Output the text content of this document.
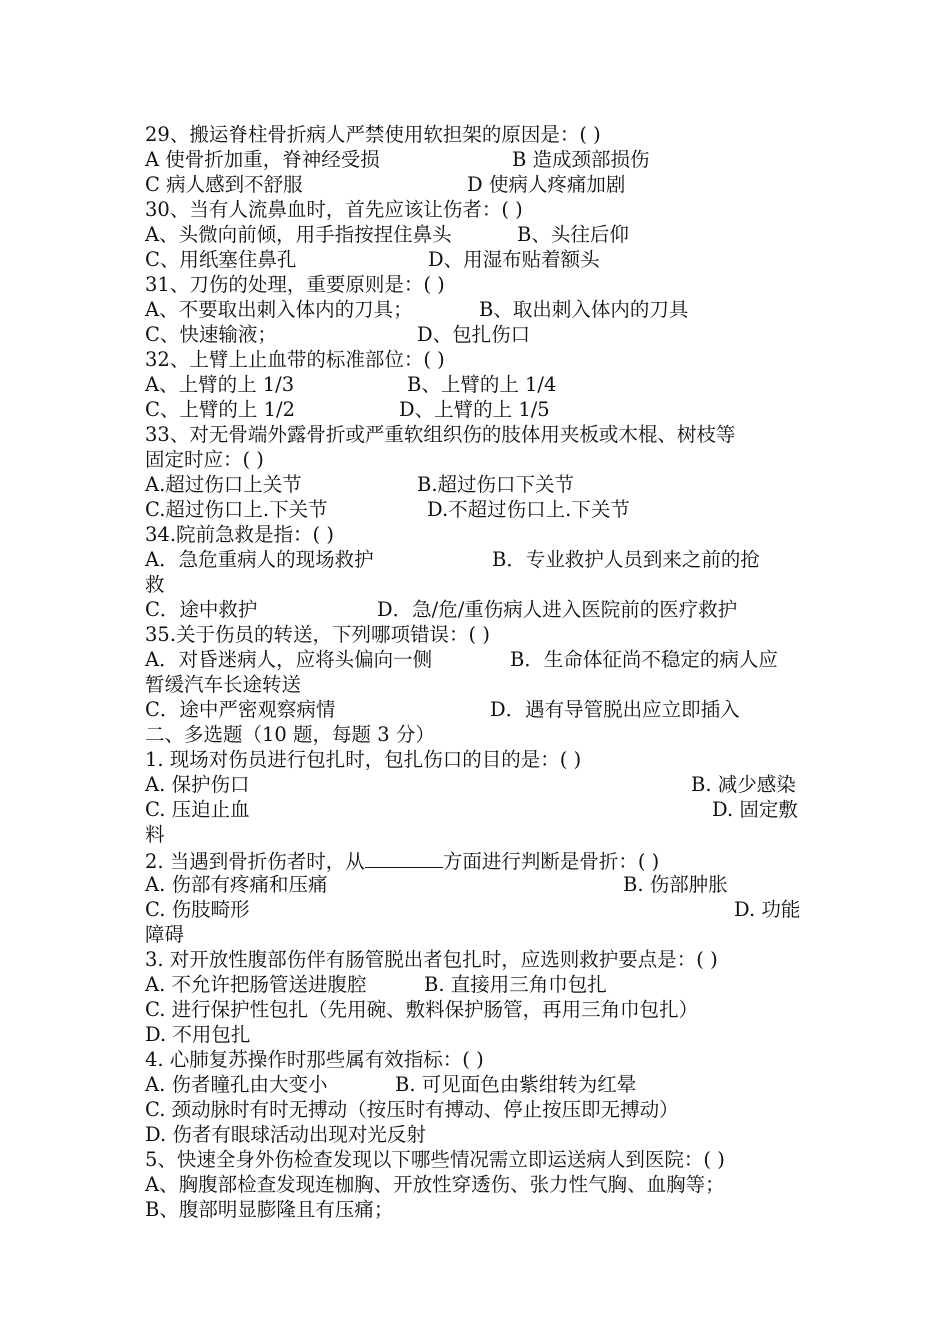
29、搬运脊柱骨折病人严禁使用软担架的原因是：( )
A 使骨折加重，脊神经受损	B 造成颈部损伤
C 病人感到不舒服	D 使病人疼痛加剧
30、当有人流鼻血时，首先应该让伤者：( )
A、头微向前倾，用手指按捏住鼻头	B、头往后仰
C、用纸塞住鼻孔	D、用湿布贴着额头
31、刀伤的处理，重要原则是：( )
A、不要取出刺入体内的刀具；	B、取出刺入体内的刀具
C、快速输液；	D、包扎伤口
32、上臂上止血带的标准部位：( )
A、上臂的上 1/3	B、上臂的上 1/4
C、上臂的上 1/2	D、上臂的上 1/5
33、对无骨端外露骨折或严重软组织伤的肢体用夹板或木棍、树枝等
固定时应：( )
A.超过伤口上关节	B.超过伤口下关节
C.超过伤口上.下关节	D.不超过伤口上.下关节
34.院前急救是指：( )
A．急危重病人的现场救护	B．专业救护人员到来之前的抢
救
C．途中救护	D．急/危/重伤病人进入医院前的医疗救护
35.关于伤员的转送，下列哪项错误：( )
A．对昏迷病人，应将头偏向一侧	B．生命体征尚不稳定的病人应
暂缓汽车长途转送
C．途中严密观察病情	D．遇有导管脱出应立即插入
二、多选题（10 题，每题 3 分）
1. 现场对伤员进行包扎时，包扎伤口的目的是：( )
A. 保护伤口	B. 减少感染
C. 压迫止血	D. 固定敷
料
2. 当遇到骨折伤者时，从	方面进行判断是骨折：( )
A. 伤部有疼痛和压痛	B. 伤部肿胀
C. 伤肢畸形	D. 功能
障碍
3. 对开放性腹部伤伴有肠管脱出者包扎时，应选则救护要点是：( )
A. 不允许把肠管送进腹腔	B. 直接用三角巾包扎
C. 进行保护性包扎（先用碗、敷料保护肠管，再用三角巾包扎）
D. 不用包扎
4. 心肺复苏操作时那些属有效指标：( )
A. 伤者瞳孔由大变小	B. 可见面色由紫绀转为红晕
C. 颈动脉时有时无搏动（按压时有搏动、停止按压即无搏动）
D. 伤者有眼球活动出现对光反射
5、快速全身外伤检查发现以下哪些情况需立即运送病人到医院：( )
A、胸腹部检查发现连枷胸、开放性穿透伤、张力性气胸、血胸等；
B、腹部明显膨隆且有压痛；
